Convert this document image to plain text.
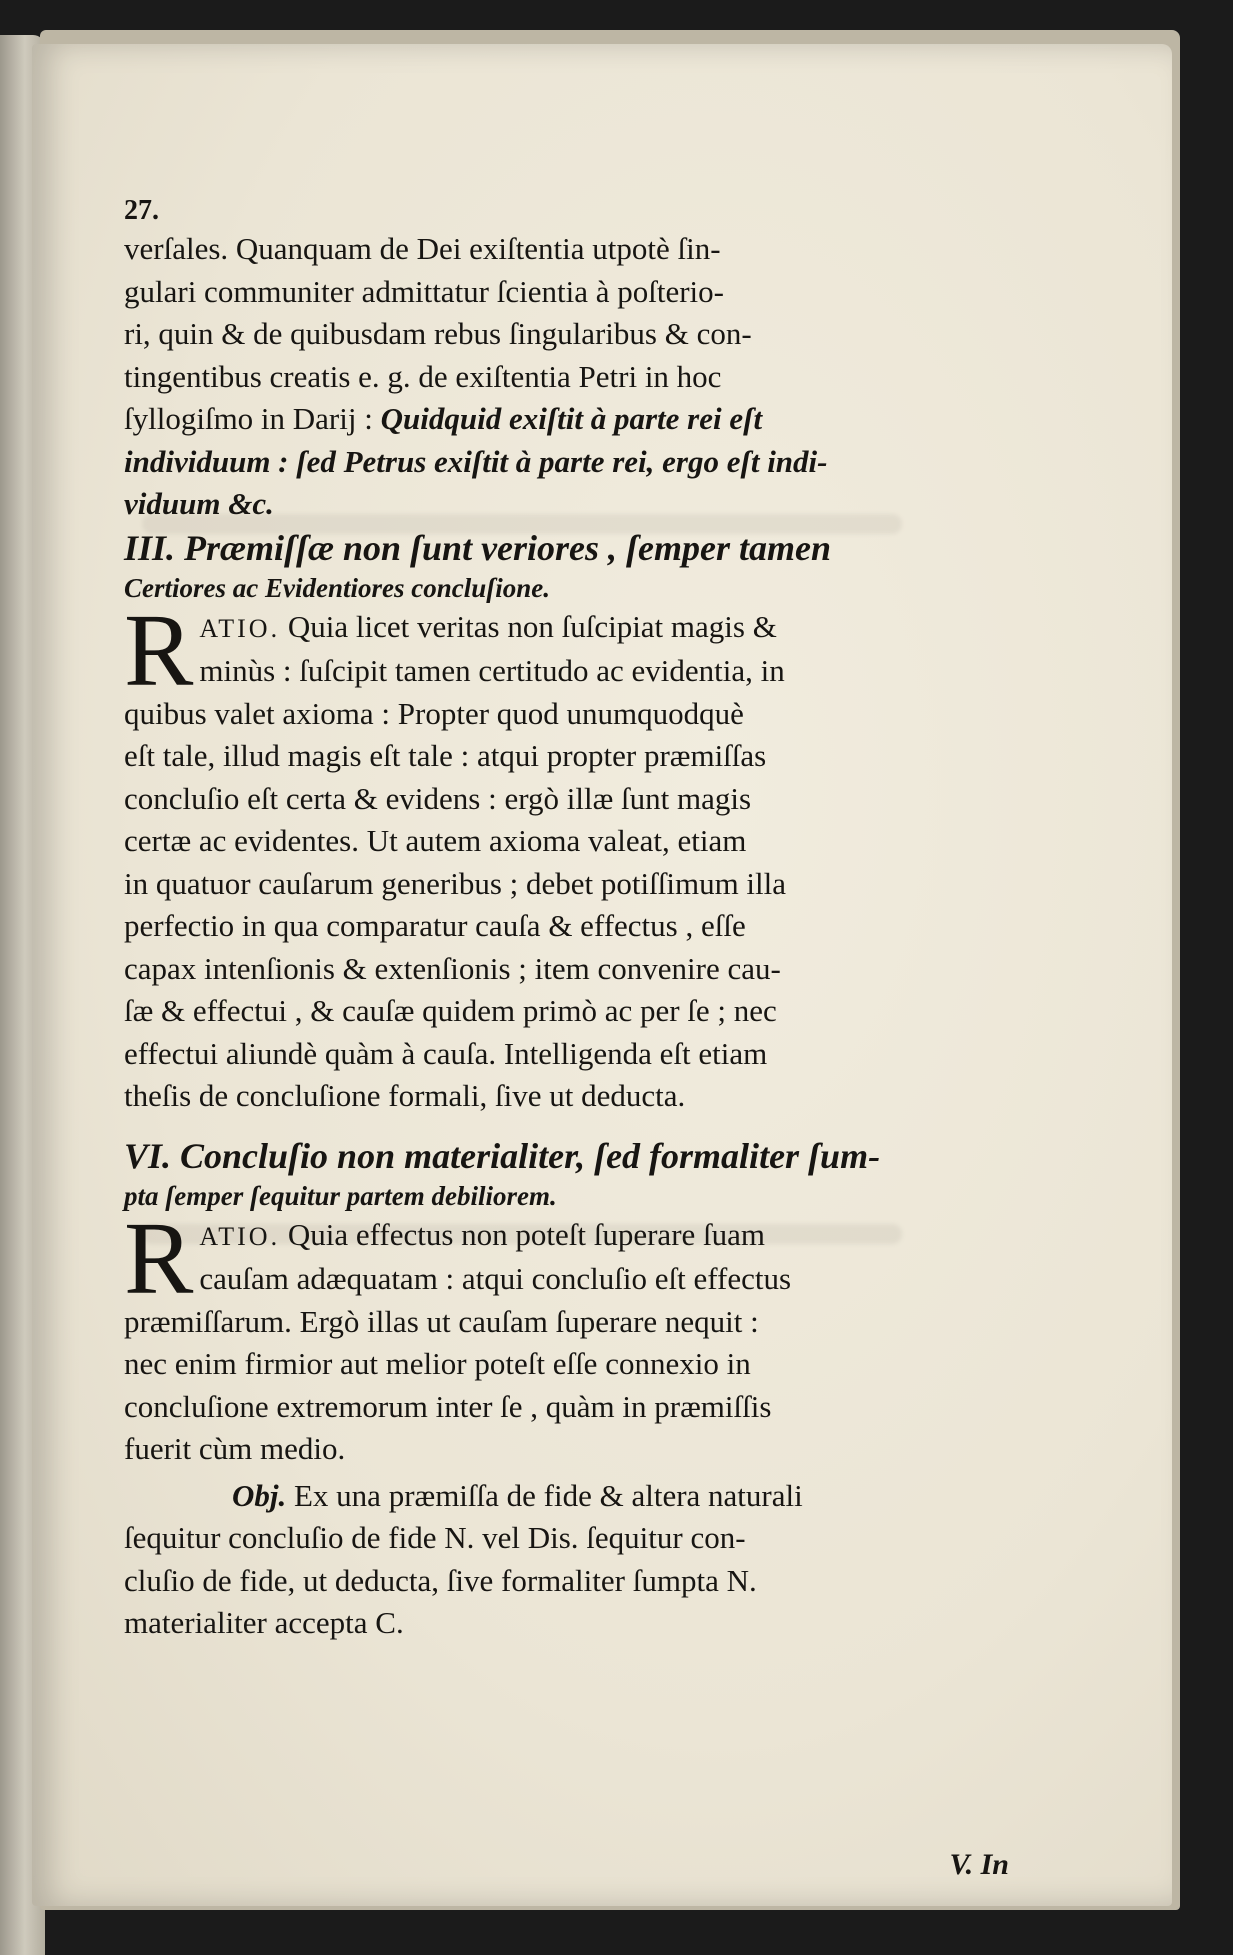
27.

verſales. Quanquam de Dei exiſtentia utpotè ſin-
gulari communiter admittatur ſcientia à poſterio-
ri, quin & de quibusdam rebus ſingularibus & con-
tingentibus creatis e. g. de exiſtentia Petri in hoc
ſyllogiſmo in Darij : Quidquid exiſtit à parte rei eſt
individuum : ſed Petrus exiſtit à parte rei, ergo eſt indi-
viduum &c.

III. Præmiſſæ non ſunt veriores , ſemper tamen

Certiores ac Evidentiores concluſione.

R ATIO. Quia licet veritas non ſuſcipiat magis &
minùs : ſuſcipit tamen certitudo ac evidentia, in
quibus valet axioma : Propter quod unumquodquè
eſt tale, illud magis eſt tale : atqui propter præmiſſas
concluſio eſt certa & evidens : ergò illæ ſunt magis
certæ ac evidentes. Ut autem axioma valeat, etiam
in quatuor cauſarum generibus ; debet potiſſimum illa
perfectio in qua comparatur cauſa & effectus , eſſe
capax intenſionis & extenſionis ; item convenire cau-
ſæ & effectui , & cauſæ quidem primò ac per ſe ; nec
effectui aliundè quàm à cauſa. Intelligenda eſt etiam
theſis de concluſione formali, ſive ut deducta.

VI. Concluſio non materialiter, ſed formaliter ſum-

pta ſemper ſequitur partem debiliorem.

R ATIO. Quia effectus non poteſt ſuperare ſuam
cauſam adæquatam : atqui concluſio eſt effectus
præmiſſarum. Ergò illas ut cauſam ſuperare nequit :
nec enim firmior aut melior poteſt eſſe connexio in
concluſione extremorum inter ſe , quàm in præmiſſis
fuerit cùm medio.

Obj. Ex una præmiſſa de fide & altera naturali

ſequitur concluſio de fide N. vel Dis. ſequitur con-
cluſio de fide, ut deducta, ſive formaliter ſumpta N.
materialiter accepta C.

V. In
